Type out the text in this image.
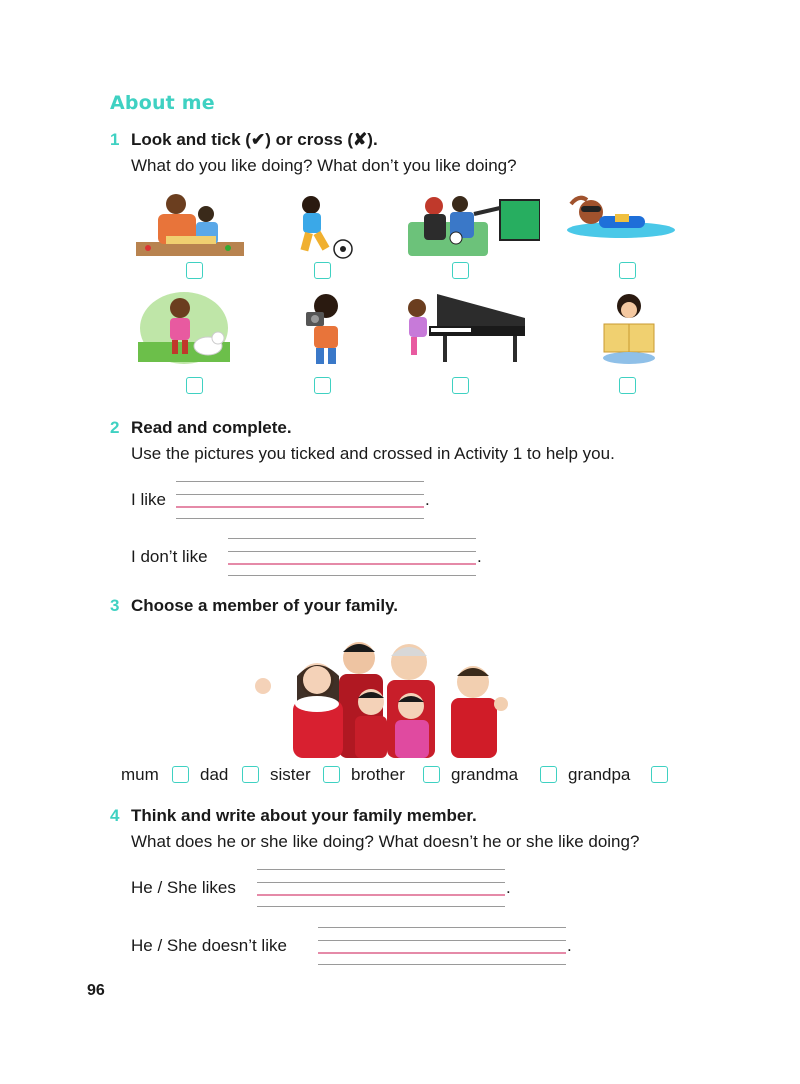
About me
1 Look and tick (✔) or cross (✘).
What do you like doing? What don’t you like doing?
2 Read and complete.
Use the pictures you ticked and crossed in Activity 1 to help you.
I like	.
I don’t like	.
3 Choose a member of your family.
mum dad sister brother	grandma	grandpa
4 Think and write about your family member.
What does he or she like doing? What doesn’t he or she like doing?
He / She likes	.
He / She doesn’t like	.
96
